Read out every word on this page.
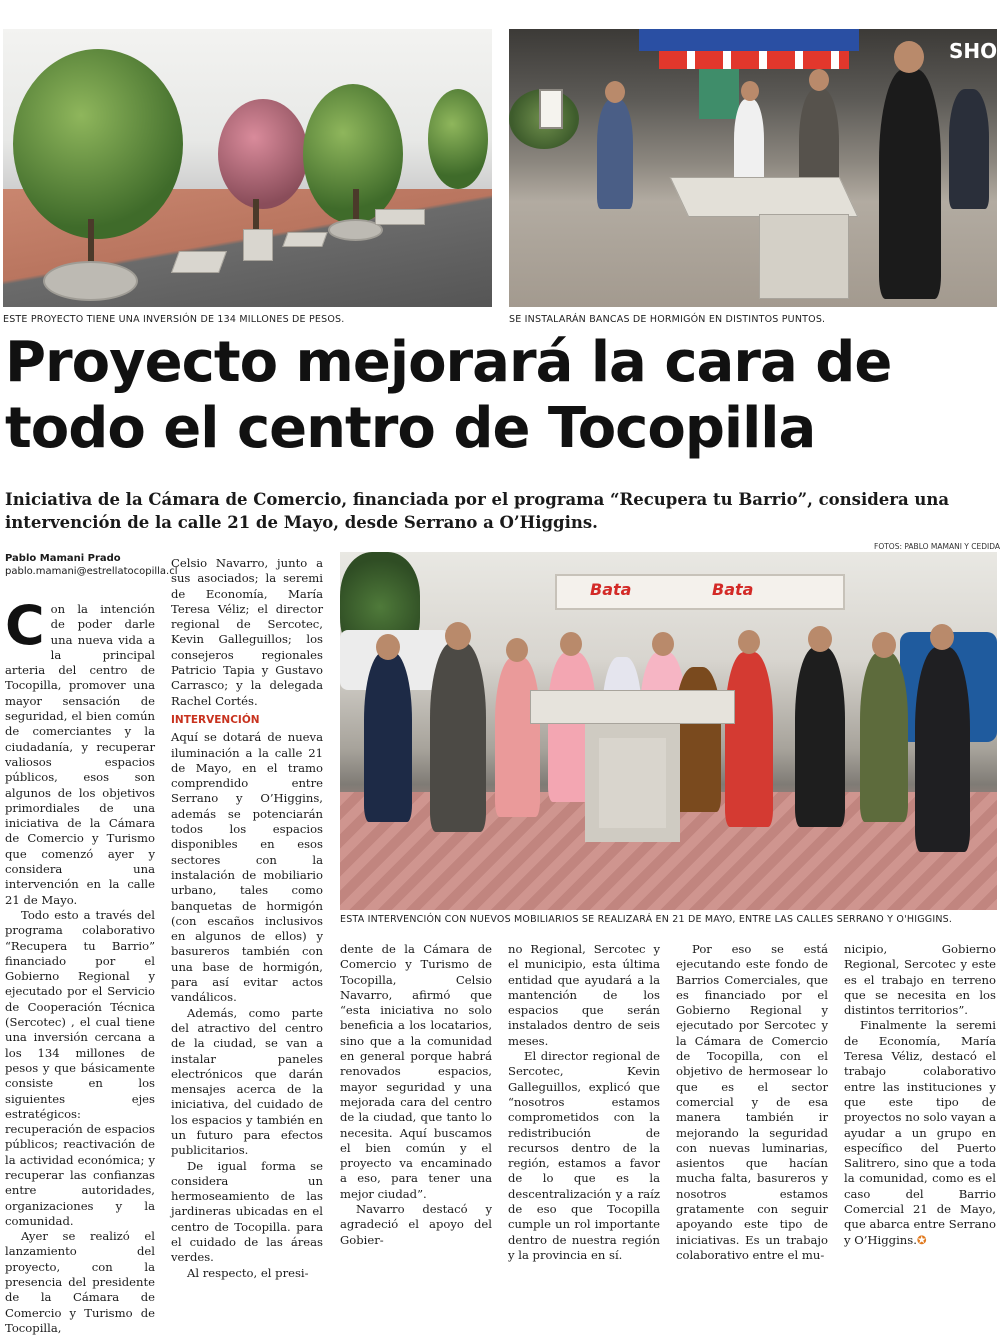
SHO
ESTE PROYECTO TIENE UNA INVERSIÓN DE 134 MILLONES DE PESOS.	SE INSTALARÁN BANCAS DE HORMIGÓN EN DISTINTOS PUNTOS.
Proyecto mejorará la cara de todo el centro de Tocopilla

Iniciativa de la Cámara de Comercio, financiada por el programa “Recupera tu Barrio”, considera una intervención de la calle 21 de Mayo, desde Serrano a O’Higgins.

Pablo Mamani Prado
pablo.mamani@estrellatocopilla.cl
FOTOS: PABLO MAMANI Y CEDIDA
Bata	Bata
ESTA INTERVENCIÓN CON NUEVOS MOBILIARIOS SE REALIZARÁ EN 21 DE MAYO, ENTRE LAS CALLES SERRANO Y O'HIGGINS.

Con la intención de poder darle una nueva vida a la principal arteria del centro de Tocopilla, promover una mayor sensación de seguridad, el bien común de comerciantes y la ciudadanía, y recuperar valiosos espacios públicos, esos son algunos de los objetivos primordiales de una iniciativa de la Cámara de Comercio y Turismo que comenzó ayer y considera una intervención en la calle 21 de Mayo.

Todo esto a través del programa colaborativo “Recupera tu Barrio” financiado por el Gobierno Regional y ejecutado por el Servicio de Cooperación Técnica (Sercotec) , el cual tiene una inversión cercana a los 134 millones de pesos y que básicamente consiste en los siguientes ejes estratégicos: recuperación de espacios públicos; reactivación de la actividad económica; y recuperar las confianzas entre autoridades, organizaciones y la comunidad.

Ayer se realizó el lanzamiento del proyecto, con la presencia del presidente de la Cámara de Comercio y Turismo de Tocopilla,

Celsio Navarro, junto a sus asociados; la seremi de Economía, María Teresa Véliz; el director regional de Sercotec, Kevin Galleguillos; los consejeros regionales Patricio Tapia y Gustavo Carrasco; y la delegada Rachel Cortés.

INTERVENCIÓN

Aquí se dotará de nueva iluminación a la calle 21 de Mayo, en el tramo comprendido entre Serrano y O’Higgins, además se potenciarán todos los espacios disponibles en esos sectores con la instalación de mobiliario urbano, tales como banquetas de hormigón (con escaños inclusivos en algunos de ellos) y basureros también con una base de hormigón, para así evitar actos vandálicos.

Además, como parte del atractivo del centro de la ciudad, se van a instalar paneles electrónicos que darán mensajes acerca de la iniciativa, del cuidado de los espacios y también en un futuro para efectos publicitarios.

De igual forma se considera un hermoseamiento de las jardineras ubicadas en el centro de Tocopilla. para el cuidado de las áreas verdes.

Al respecto, el presi-

dente de la Cámara de Comercio y Turismo de Tocopilla, Celsio Navarro, afirmó que “esta iniciativa no solo beneficia a los locatarios, sino que a la comunidad en general porque habrá renovados espacios, mayor seguridad y una mejorada cara del centro de la ciudad, que tanto lo necesita. Aquí buscamos el bien común y el proyecto va encaminado a eso, para tener una mejor ciudad”.

Navarro destacó y agradeció el apoyo del Gobier-

no Regional, Sercotec y el municipio, esta última entidad que ayudará a la mantención de los espacios que serán instalados dentro de seis meses.

El director regional de Sercotec, Kevin Galleguillos, explicó que “nosotros estamos comprometidos con la redistribución de recursos dentro de la región, estamos a favor de lo que es la descentralización y a raíz de eso que Tocopilla cumple un rol importante dentro de nuestra región y la provincia en sí.

Por eso se está ejecutando este fondo de Barrios Comerciales, que es financiado por el Gobierno Regional y ejecutado por Sercotec y la Cámara de Comercio de Tocopilla, con el objetivo de hermosear lo que es el sector comercial y de esa manera también ir mejorando la seguridad con nuevas luminarias, asientos que hacían mucha falta, basureros y nosotros estamos gratamente con seguir apoyando este tipo de iniciativas. Es un trabajo colaborativo entre el mu-

nicipio, Gobierno Regional, Sercotec y este es el trabajo en terreno que se necesita en los distintos territorios”.

Finalmente la seremi de Economía, María Teresa Véliz, destacó el trabajo colaborativo entre las instituciones y que este tipo de proyectos no solo vayan a ayudar a un grupo en específico del Puerto Salitrero, sino que a toda la comunidad, como es el caso del Barrio Comercial 21 de Mayo, que abarca entre Serrano y O’Higgins.✪
